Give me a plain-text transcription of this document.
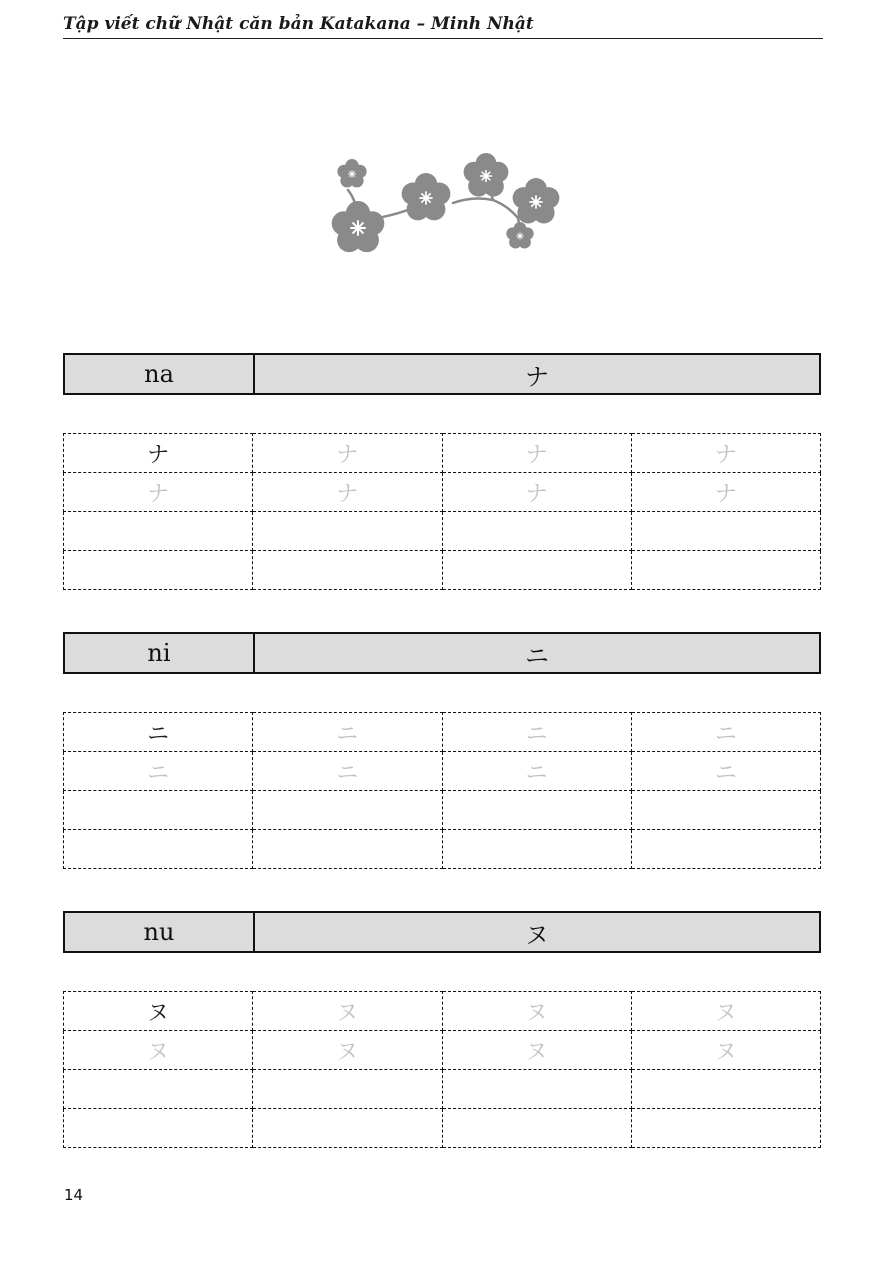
Tập viết chữ Nhật căn bản Katakana – Minh Nhật
na	ナ
ナ	ナ	ナ	ナ
ナ	ナ	ナ	ナ

ni	ニ
ニ	ニ	ニ	ニ
ニ	ニ	ニ	ニ

nu	ヌ
ヌ	ヌ	ヌ	ヌ
ヌ	ヌ	ヌ	ヌ

14
